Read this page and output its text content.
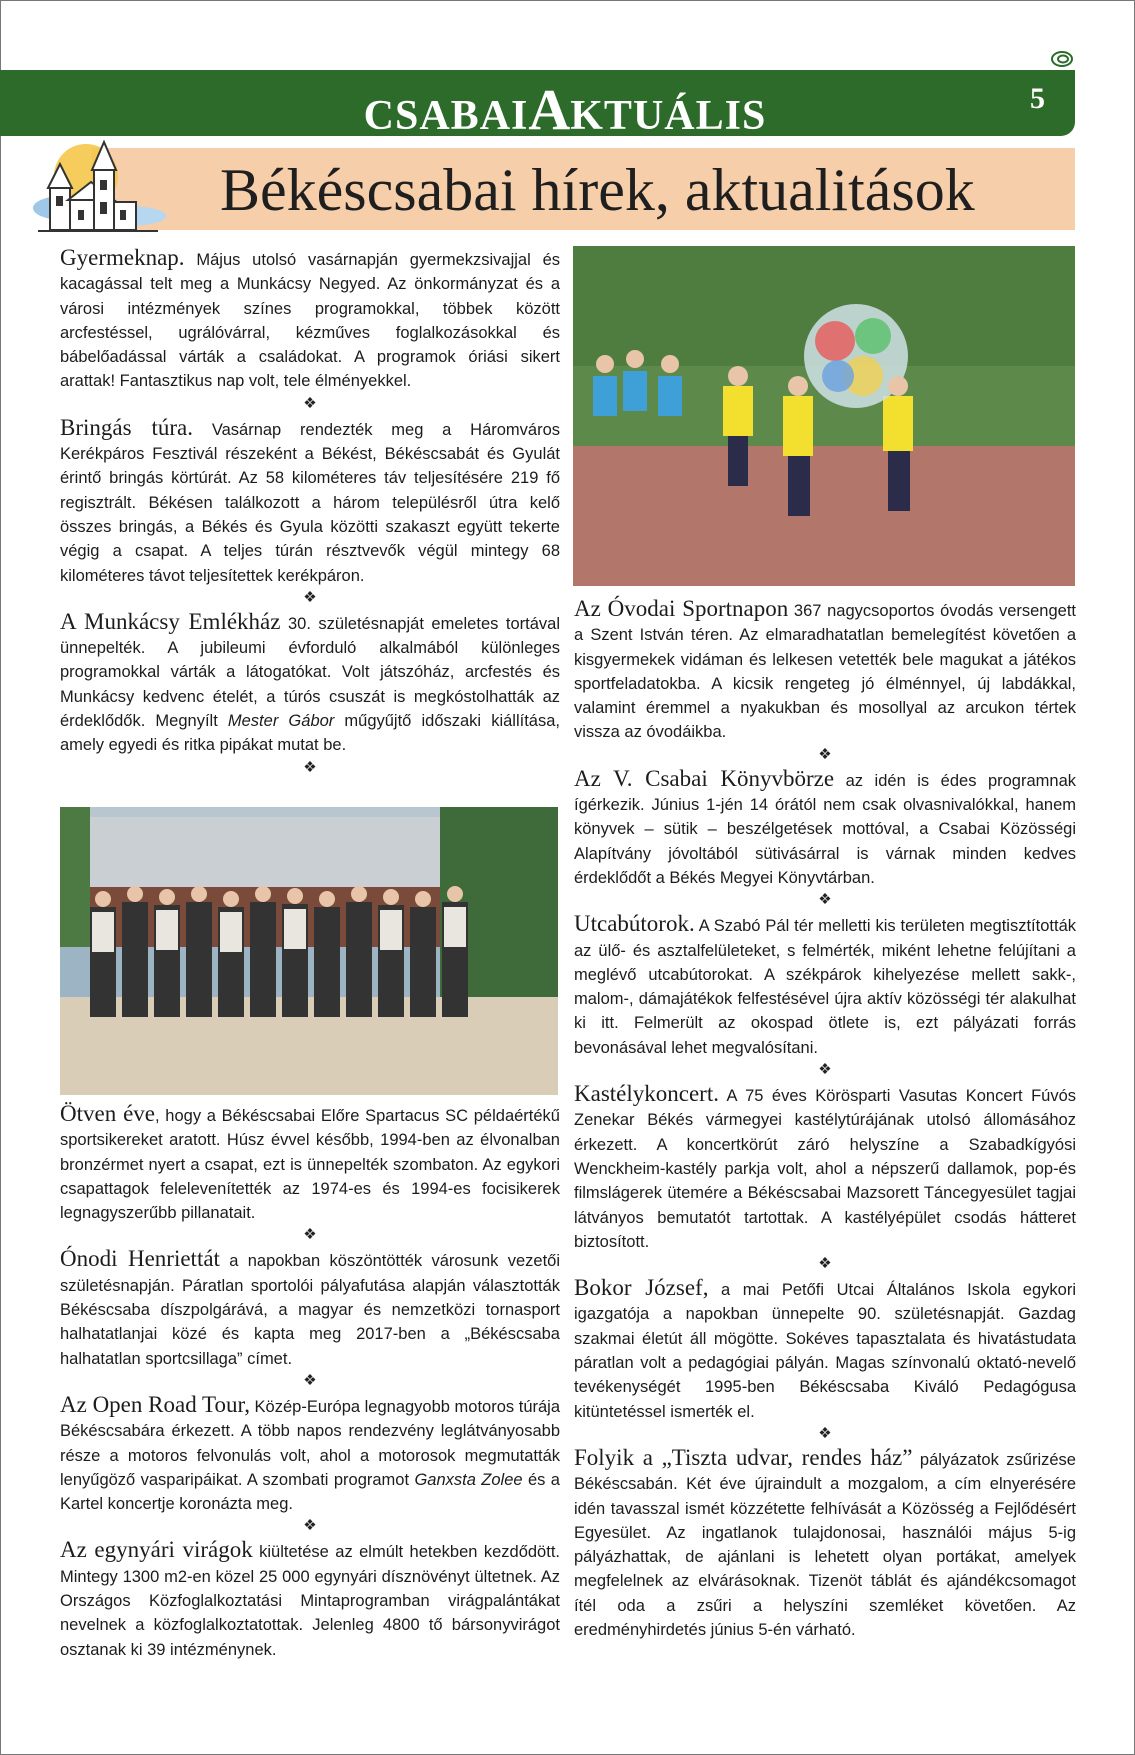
CSABAIAKTUÁLIS	5
Békéscsabai hírek, aktualitások

Gyermeknap. Május utolsó vasárnapján gyermekzsivajjal és kacagással telt meg a Munkácsy Negyed. Az önkormányzat és a városi intézmények színes programokkal, többek között arcfestéssel, ugrálóvárral, kézműves foglalkozásokkal és bábelőadással várták a családokat. A programok óriási sikert arattak! Fantasztikus nap volt, tele élményekkel.

❖

Bringás túra. Vasárnap rendezték meg a Háromváros Kerékpáros Fesztivál részeként a Békést, Békéscsabát és Gyulát érintő bringás körtúrát. Az 58 kilométeres táv teljesítésére 219 fő regisztrált. Békésen találkozott a három településről útra kelő összes bringás, a Békés és Gyula közötti szakaszt együtt tekerte végig a csapat. A teljes túrán résztvevők végül mintegy 68 kilométeres távot teljesítettek kerékpáron.

❖

A Munkácsy Emlékház 30. születésnapját emeletes tortával ünnepelték. A jubileumi évforduló alkalmából különleges programokkal várták a látogatókat. Volt játszóház, arcfestés és Munkácsy kedvenc ételét, a túrós csuszát is megkóstolhatták az érdeklődők. Megnyílt Mester Gábor műgyűjtő időszaki kiállítása, amely egyedi és ritka pipákat mutat be.

❖

Ötven éve, hogy a Békéscsabai Előre Spartacus SC példaértékű sportsikereket aratott. Húsz évvel később, 1994-ben az élvonalban bronzérmet nyert a csapat, ezt is ünnepelték szombaton. Az egykori csapattagok felelevenítették az 1974-es és 1994-es focisikerek legnagyszerűbb pillanatait.

❖

Ónodi Henriettát a napokban köszöntötték városunk vezetői születésnapján. Páratlan sportolói pályafutása alapján választották Békéscsaba díszpolgárává, a magyar és nemzetközi tornasport halhatatlanjai közé és kapta meg 2017-ben a „Békéscsaba halhatatlan sportcsillaga” címet.

❖

Az Open Road Tour, Közép-Európa legnagyobb motoros túrája Békéscsabára érkezett. A több napos rendezvény leglátványosabb része a motoros felvonulás volt, ahol a motorosok megmutatták lenyűgöző vasparipáikat. A szombati programot Ganxsta Zolee és a Kartel koncertje koronázta meg.

❖

Az egynyári virágok kiültetése az elmúlt hetekben kezdődött. Mintegy 1300 m2-en közel 25 000 egynyári dísznövényt ültetnek. Az Országos Közfoglalkoztatási Mintaprogramban virágpalántákat nevelnek a közfoglalkoztatottak. Jelenleg 4800 tő bársonyvirágot osztanak ki 39 intézménynek.

Az Óvodai Sportnapon 367 nagycsoportos óvodás versengett a Szent István téren. Az elmaradhatatlan bemelegítést követően a kisgyermekek vidáman és lelkesen vetették bele magukat a játékos sportfeladatokba. A kicsik rengeteg jó élménnyel, új labdákkal, valamint éremmel a nyakukban és mosollyal az arcukon tértek vissza az óvodáikba.

❖

Az V. Csabai Könyvbörze az idén is édes programnak ígérkezik. Június 1-jén 14 órától nem csak olvasnivalókkal, hanem könyvek – sütik – beszélgetések mottóval, a Csabai Közösségi Alapítvány jóvoltából sütivásárral is várnak minden kedves érdeklődőt a Békés Megyei Könyvtárban.

❖

Utcabútorok. A Szabó Pál tér melletti kis területen megtisztították az ülő- és asztalfelületeket, s felmérték, miként lehetne felújítani a meglévő utcabútorokat. A székpárok kihelyezése mellett sakk-, malom-, dámajátékok felfestésével újra aktív közösségi tér alakulhat ki itt. Felmerült az okospad ötlete is, ezt pályázati forrás bevonásával lehet megvalósítani.

❖

Kastélykoncert. A 75 éves Körösparti Vasutas Koncert Fúvós Zenekar Békés vármegyei kastélytúrájának utolsó állomásához érkezett. A koncertkörút záró helyszíne a Szabadkígyósi Wenckheim-kastély parkja volt, ahol a népszerű dallamok, pop-és filmslágerek ütemére a Békéscsabai Mazsorett Táncegyesület tagjai látványos bemutatót tartottak. A kastélyépület csodás hátteret biztosított.

❖

Bokor József, a mai Petőfi Utcai Általános Iskola egykori igazgatója a napokban ünnepelte 90. születésnapját. Gazdag szakmai életút áll mögötte. Sokéves tapasztalata és hivatástudata páratlan volt a pedagógiai pályán. Magas színvonalú oktató-nevelő tevékenységét 1995-ben Békéscsaba Kiváló Pedagógusa kitüntetéssel ismerték el.

❖

Folyik a „Tiszta udvar, rendes ház” pályázatok zsűrizése Békéscsabán. Két éve újraindult a mozgalom, a cím elnyerésére idén tavasszal ismét közzétette felhívását a Közösség a Fejlődésért Egyesület. Az ingatlanok tulajdonosai, használói május 5-ig pályázhattak, de ajánlani is lehetett olyan portákat, amelyek megfelelnek az elvárásoknak. Tizenöt táblát és ajándékcsomagot ítél oda a zsűri a helyszíni szemléket követően. Az eredményhirdetés június 5-én várható.
